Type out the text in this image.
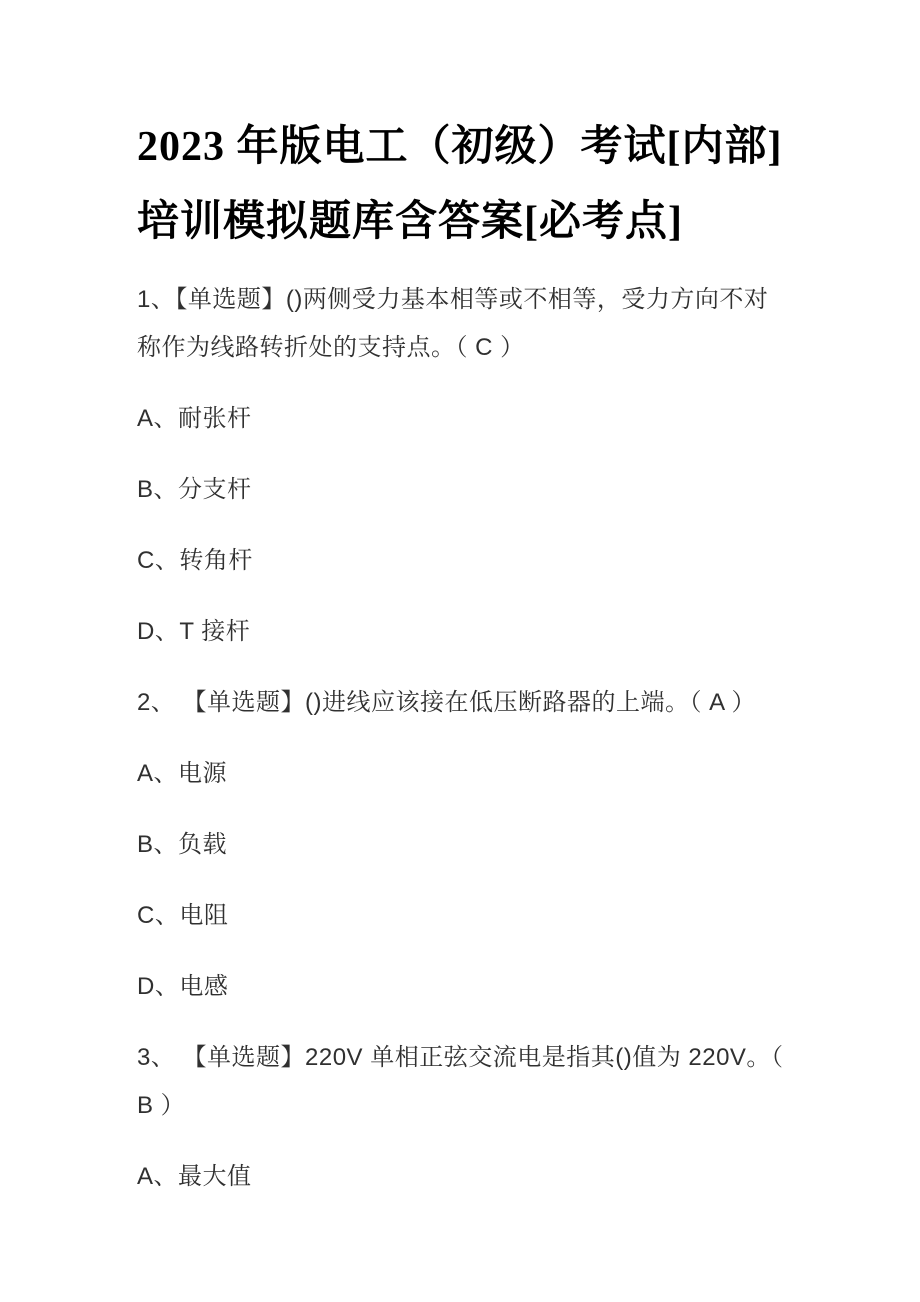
2023 年版电工（初级）考试[内部]
培训模拟题库含答案[必考点]

1、【单选题】()两侧受力基本相等或不相等，受力方向不对称作为线路转折处的支持点。（ C ）

A、耐张杆

B、分支杆

C、转角杆

D、T 接杆

2、 【单选题】()进线应该接在低压断路器的上端。（ A ）

A、电源

B、负载

C、电阻

D、电感

3、 【单选题】220V 单相正弦交流电是指其()值为 220V。（ B ）

A、最大值
